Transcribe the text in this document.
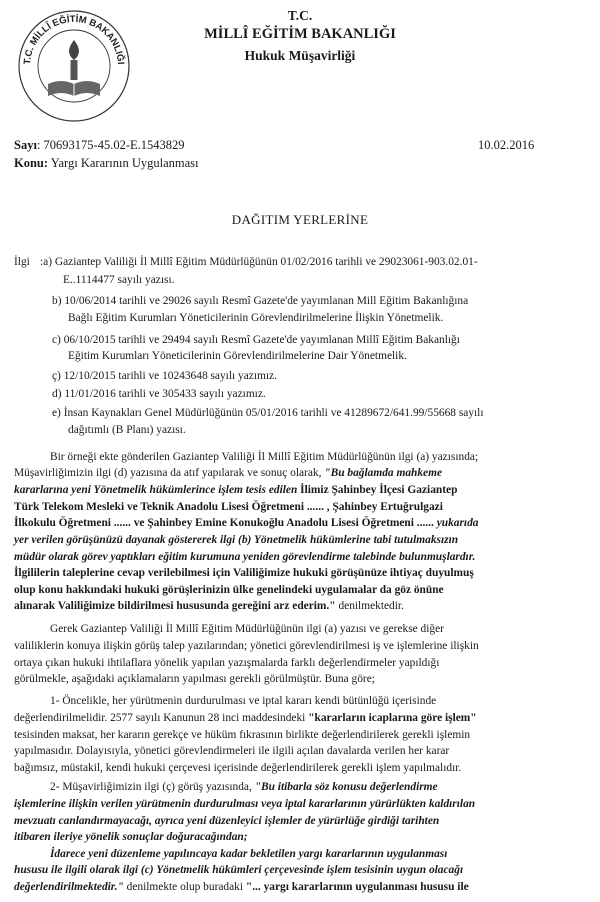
T.C. MİLLÎ EĞİTİM BAKANLIĞI
T.C.
MİLLÎ EĞİTİM BAKANLIĞI
Hukuk Müşavirliği
Sayı: 70693175-45.02-E.1543829	10.02.2016
Konu: Yargı Kararının Uygulanması
DAĞITIM YERLERİNE
İlgi :a) Gaziantep Valiliği İl Millî Eğitim Müdürlüğünün 01/02/2016 tarihli ve 29023061-903.02.01-
E..1114477 sayılı yazısı.
b) 10/06/2014 tarihli ve 29026 sayılı Resmî Gazete'de yayımlanan Mill Eğitim Bakanlığına
Bağlı Eğitim Kurumları Yöneticilerinin Görevlendirilmelerine İlişkin Yönetmelik.
c) 06/10/2015 tarihli ve 29494 sayılı Resmî Gazete'de yayımlanan Millî Eğitim Bakanlığı
Eğitim Kurumları Yöneticilerinin Görevlendirilmelerine Dair Yönetmelik.
ç) 12/10/2015 tarihli ve 10243648 sayılı yazımız.
d) 11/01/2016 tarihli ve 305433 sayılı yazımız.
e) İnsan Kaynakları Genel Müdürlüğünün 05/01/2016 tarihli ve 41289672/641.99/55668 sayılı
dağıtımlı (B Planı) yazısı.
Bir örneği ekte gönderilen Gaziantep Valiliği İl Millî Eğitim Müdürlüğünün ilgi (a) yazısında;
Müşavirliğimizin ilgi (d) yazısına da atıf yapılarak ve sonuç olarak, "Bu bağlamda mahkeme
kararlarına yeni Yönetmelik hükümlerince işlem tesis edilen İlimiz Şahinbey İlçesi Gaziantep
Türk Telekom Mesleki ve Teknik Anadolu Lisesi Öğretmeni ...... , Şahinbey Ertuğrulgazi
İlkokulu Öğretmeni ...... ve Şahinbey Emine Konukoğlu Anadolu Lisesi Öğretmeni ...... yukarıda
yer verilen görüşünüzü dayanak göstererek ilgi (b) Yönetmelik hükümlerine tabi tutulmaksızın
müdür olarak görev yaptıkları eğitim kurumuna yeniden görevlendirme talebinde bulunmuşlardır.
İlgililerin taleplerine cevap verilebilmesi için Valiliğimize hukuki görüşünüze ihtiyaç duyulmuş
olup konu hakkındaki hukuki görüşlerinizin ülke genelindeki uygulamalar da göz önüne
alınarak Valiliğimize bildirilmesi hususunda gereğini arz ederim." denilmektedir.
Gerek Gaziantep Valiliği İl Millî Eğitim Müdürlüğünün ilgi (a) yazısı ve gerekse diğer
valiliklerin konuya ilişkin görüş talep yazılarından; yönetici görevlendirilmesi iş ve işlemlerine ilişkin
ortaya çıkan hukuki ihtilaflara yönelik yapılan yazışmalarda farklı değerlendirmeler yapıldığı
görülmekle, aşağıdaki açıklamaların yapılması gerekli görülmüştür. Buna göre;
1- Öncelikle, her yürütmenin durdurulması ve iptal kararı kendi bütünlüğü içerisinde
değerlendirilmelidir. 2577 sayılı Kanunun 28 inci maddesindeki "kararların icaplarına göre işlem"
tesisinden maksat, her kararın gerekçe ve hüküm fıkrasının birlikte değerlendirilerek gerekli işlemin
yapılmasıdır. Dolayısıyla, yönetici görevlendirmeleri ile ilgili açılan davalarda verilen her karar
bağımsız, müstakil, kendi hukuki çerçevesi içerisinde değerlendirilerek gerekli işlem yapılmalıdır.
2- Müşavirliğimizin ilgi (ç) görüş yazısında, "Bu itibarla söz konusu değerlendirme
işlemlerine ilişkin verilen yürütmenin durdurulması veya iptal kararlarının yürürlükten kaldırılan
mevzuatı canlandırmayacağı, ayrıca yeni düzenleyici işlemler de yürürlüğe girdiği tarihten
itibaren ileriye yönelik sonuçlar doğuracağından;
İdarece yeni düzenleme yapılıncaya kadar bekletilen yargı kararlarının uygulanması
hususu ile ilgili olarak ilgi (c) Yönetmelik hükümleri çerçevesinde işlem tesisinin uygun olacağı
değerlendirilmektedir." denilmekte olup buradaki "... yargı kararlarının uygulanması hususu ile
